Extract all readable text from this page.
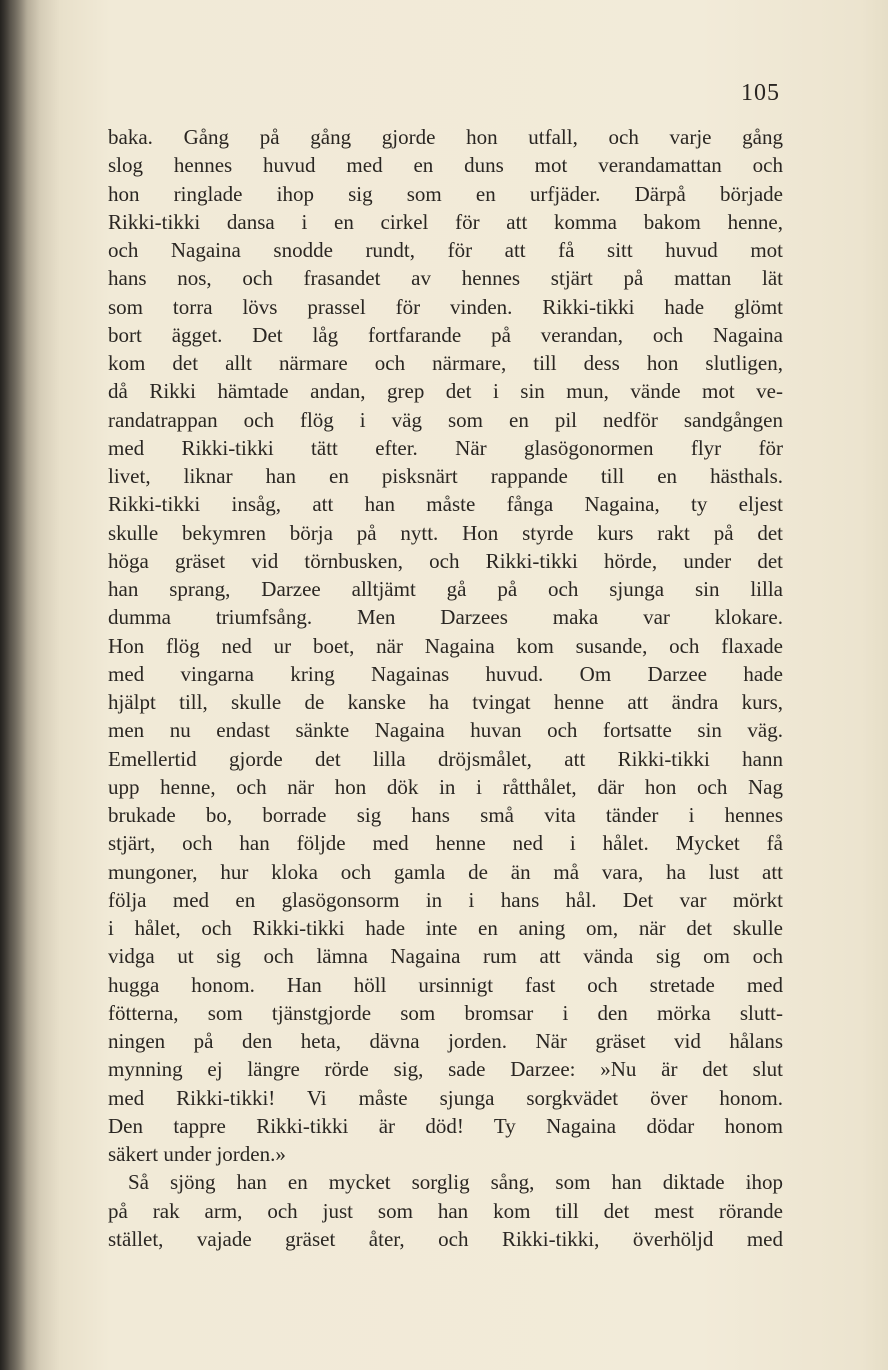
105
baka. Gång på gång gjorde hon utfall, och varje gång
slog hennes huvud med en duns mot verandamattan och
hon ringlade ihop sig som en urfjäder. Därpå började
Rikki-tikki dansa i en cirkel för att komma bakom henne,
och Nagaina snodde rundt, för att få sitt huvud mot
hans nos, och frasandet av hennes stjärt på mattan lät
som torra lövs prassel för vinden. Rikki-tikki hade glömt
bort ägget. Det låg fortfarande på verandan, och Nagaina
kom det allt närmare och närmare, till dess hon slutligen,
då Rikki hämtade andan, grep det i sin mun, vände mot ve-
randatrappan och flög i väg som en pil nedför sandgången
med Rikki-tikki tätt efter. När glasögonormen flyr för
livet, liknar han en pisksnärt rappande till en hästhals.
Rikki-tikki insåg, att han måste fånga Nagaina, ty eljest
skulle bekymren börja på nytt. Hon styrde kurs rakt på det
höga gräset vid törnbusken, och Rikki-tikki hörde, under det
han sprang, Darzee alltjämt gå på och sjunga sin lilla
dumma triumfsång. Men Darzees maka var klokare.
Hon flög ned ur boet, när Nagaina kom susande, och flaxade
med vingarna kring Nagainas huvud. Om Darzee hade
hjälpt till, skulle de kanske ha tvingat henne att ändra kurs,
men nu endast sänkte Nagaina huvan och fortsatte sin väg.
Emellertid gjorde det lilla dröjsmålet, att Rikki-tikki hann
upp henne, och när hon dök in i råtthålet, där hon och Nag
brukade bo, borrade sig hans små vita tänder i hennes
stjärt, och han följde med henne ned i hålet. Mycket få
mungoner, hur kloka och gamla de än må vara, ha lust att
följa med en glasögonsorm in i hans hål. Det var mörkt
i hålet, och Rikki-tikki hade inte en aning om, när det skulle
vidga ut sig och lämna Nagaina rum att vända sig om och
hugga honom. Han höll ursinnigt fast och stretade med
fötterna, som tjänstgjorde som bromsar i den mörka slutt-
ningen på den heta, dävna jorden. När gräset vid hålans
mynning ej längre rörde sig, sade Darzee: »Nu är det slut
med Rikki-tikki! Vi måste sjunga sorgkvädet över honom.
Den tappre Rikki-tikki är död! Ty Nagaina dödar honom
säkert under jorden.»
Så sjöng han en mycket sorglig sång, som han diktade ihop
på rak arm, och just som han kom till det mest rörande
stället, vajade gräset åter, och Rikki-tikki, överhöljd med
